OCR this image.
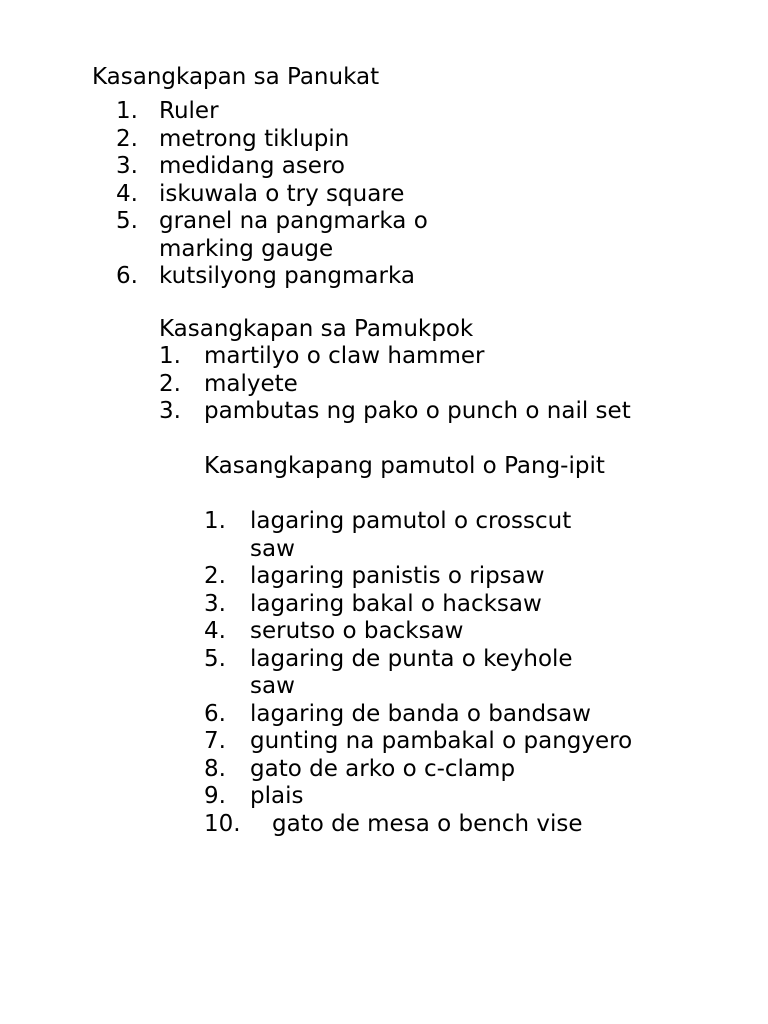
Kasangkapan sa Panukat
1. Ruler
2. metrong tiklupin
3. medidang asero
4. iskuwala o try square
5. granel na pangmarka o marking gauge
6. kutsilyong pangmarka
Kasangkapan sa Pamukpok
1. martilyo o claw hammer
2. malyete
3. pambutas ng pako o punch o nail set
Kasangkapang pamutol o Pang-ipit
1. lagaring pamutol o crosscut saw
2. lagaring panistis o ripsaw
3. lagaring bakal o hacksaw
4. serutso o backsaw
5. lagaring de punta o keyhole saw
6. lagaring de banda o bandsaw
7. gunting na pambakal o pangyero
8. gato de arko o c-clamp
9. plais
10.	gato de mesa o bench vise
